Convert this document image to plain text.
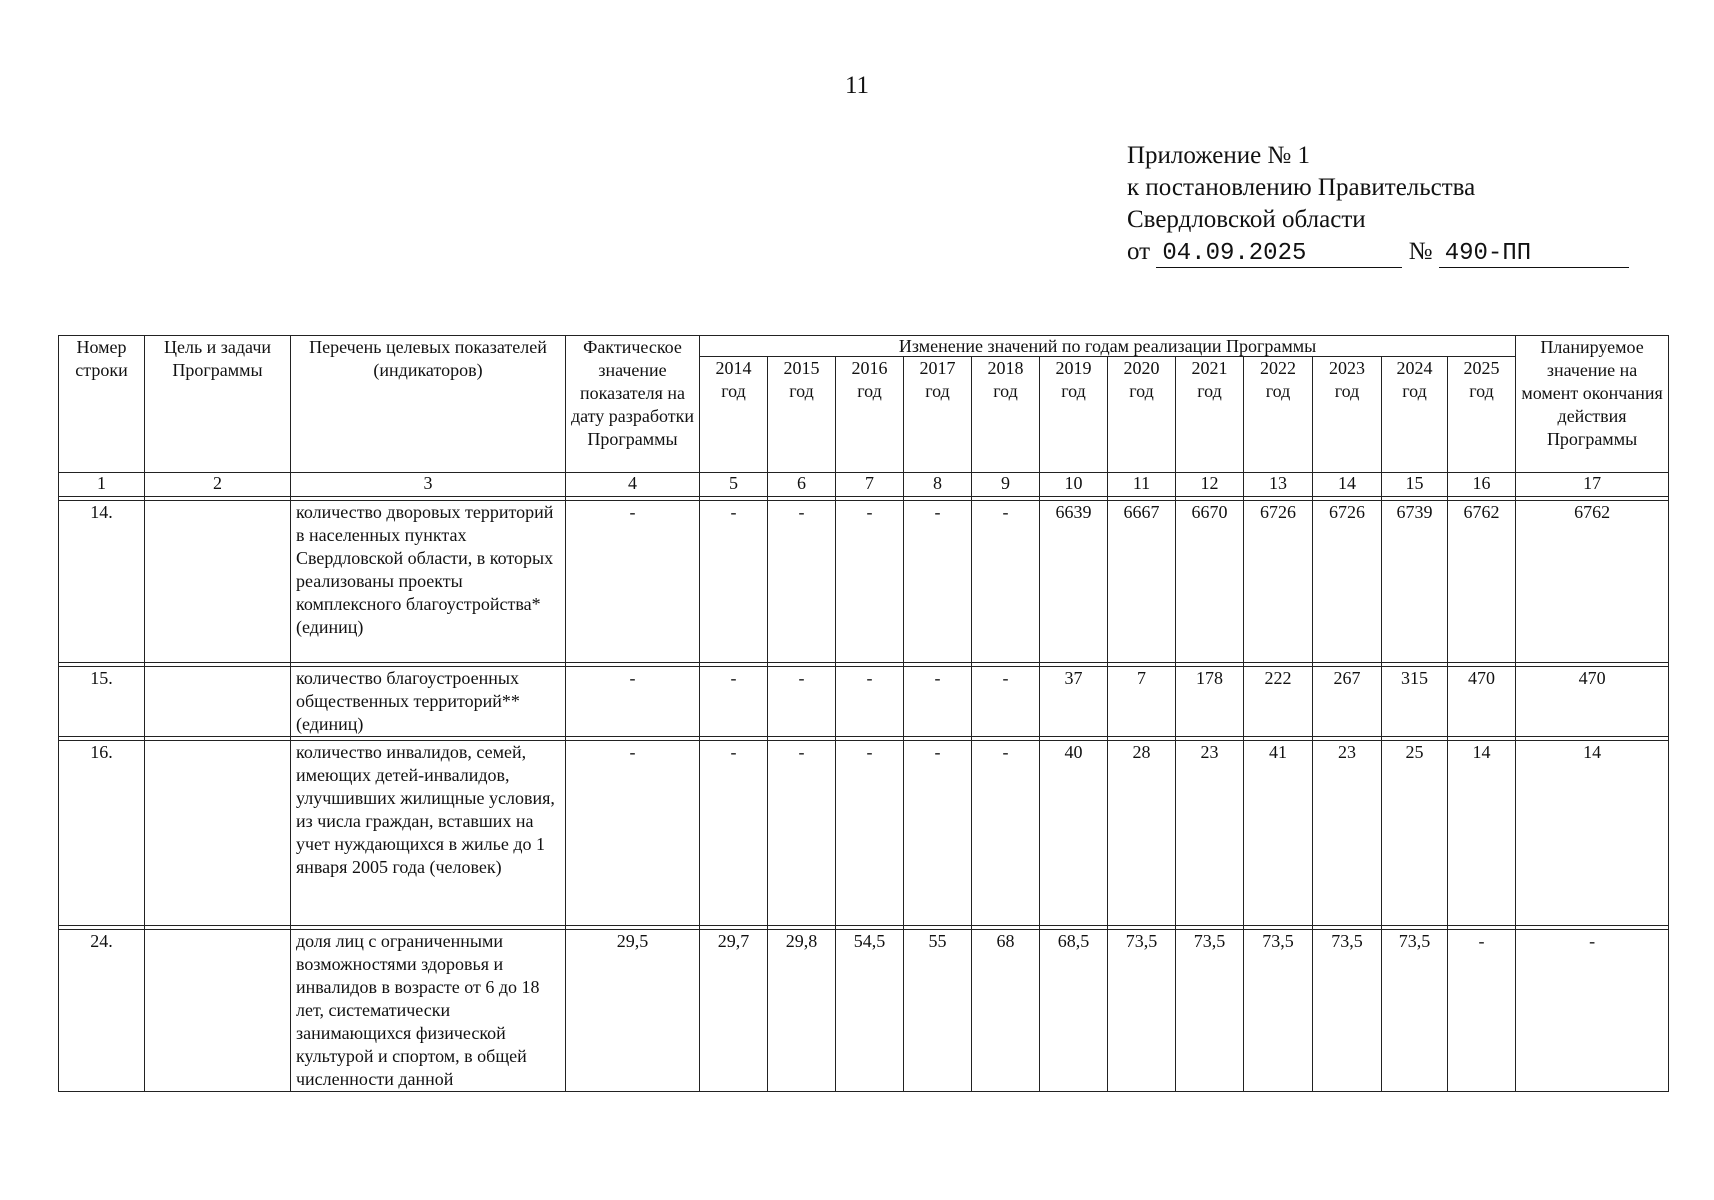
11
Приложение № 1
к постановлению Правительства
Свердловской области
от 04.09.2025	№ 490-ПП
Номер строки	Цель и задачи Программы	Перечень целевых показателей (индикаторов)	Фактическое значение показателя на дату разработки Программы	Изменение значений по годам реализации Программы												Планируемое значение на момент окончания действия Программы
				2014 год	2015 год	2016 год	2017 год	2018 год	2019 год	2020 год	2021 год	2022 год	2023 год	2024 год	2025 год	
1	2	3	4	5	6	7	8	9	10	11	12	13	14	15	16	17

14.		количество дворовых территорий в населенных пунктах Свердловской области, в которых реализованы проекты комплексного благоустройства* (единиц)	-	-	-	-	-	-	6639	6667	6670	6726	6726	6739	6762	6762

15.		количество благоустроенных общественных территорий** (единиц)	-	-	-	-	-	-	37	7	178	222	267	315	470	470

16.		количество инвалидов, семей, имеющих детей-инвалидов, улучшивших жилищные условия, из числа граждан, вставших на учет нуждающихся в жилье до 1 января 2005 года (человек)	-	-	-	-	-	-	40	28	23	41	23	25	14	14

24.		доля лиц с ограниченными возможностями здоровья и инвалидов в возрасте от 6 до 18 лет, систематически занимающихся физической культурой и спортом, в общей численности данной	29,5	29,7	29,8	54,5	55	68	68,5	73,5	73,5	73,5	73,5	73,5	-	-
